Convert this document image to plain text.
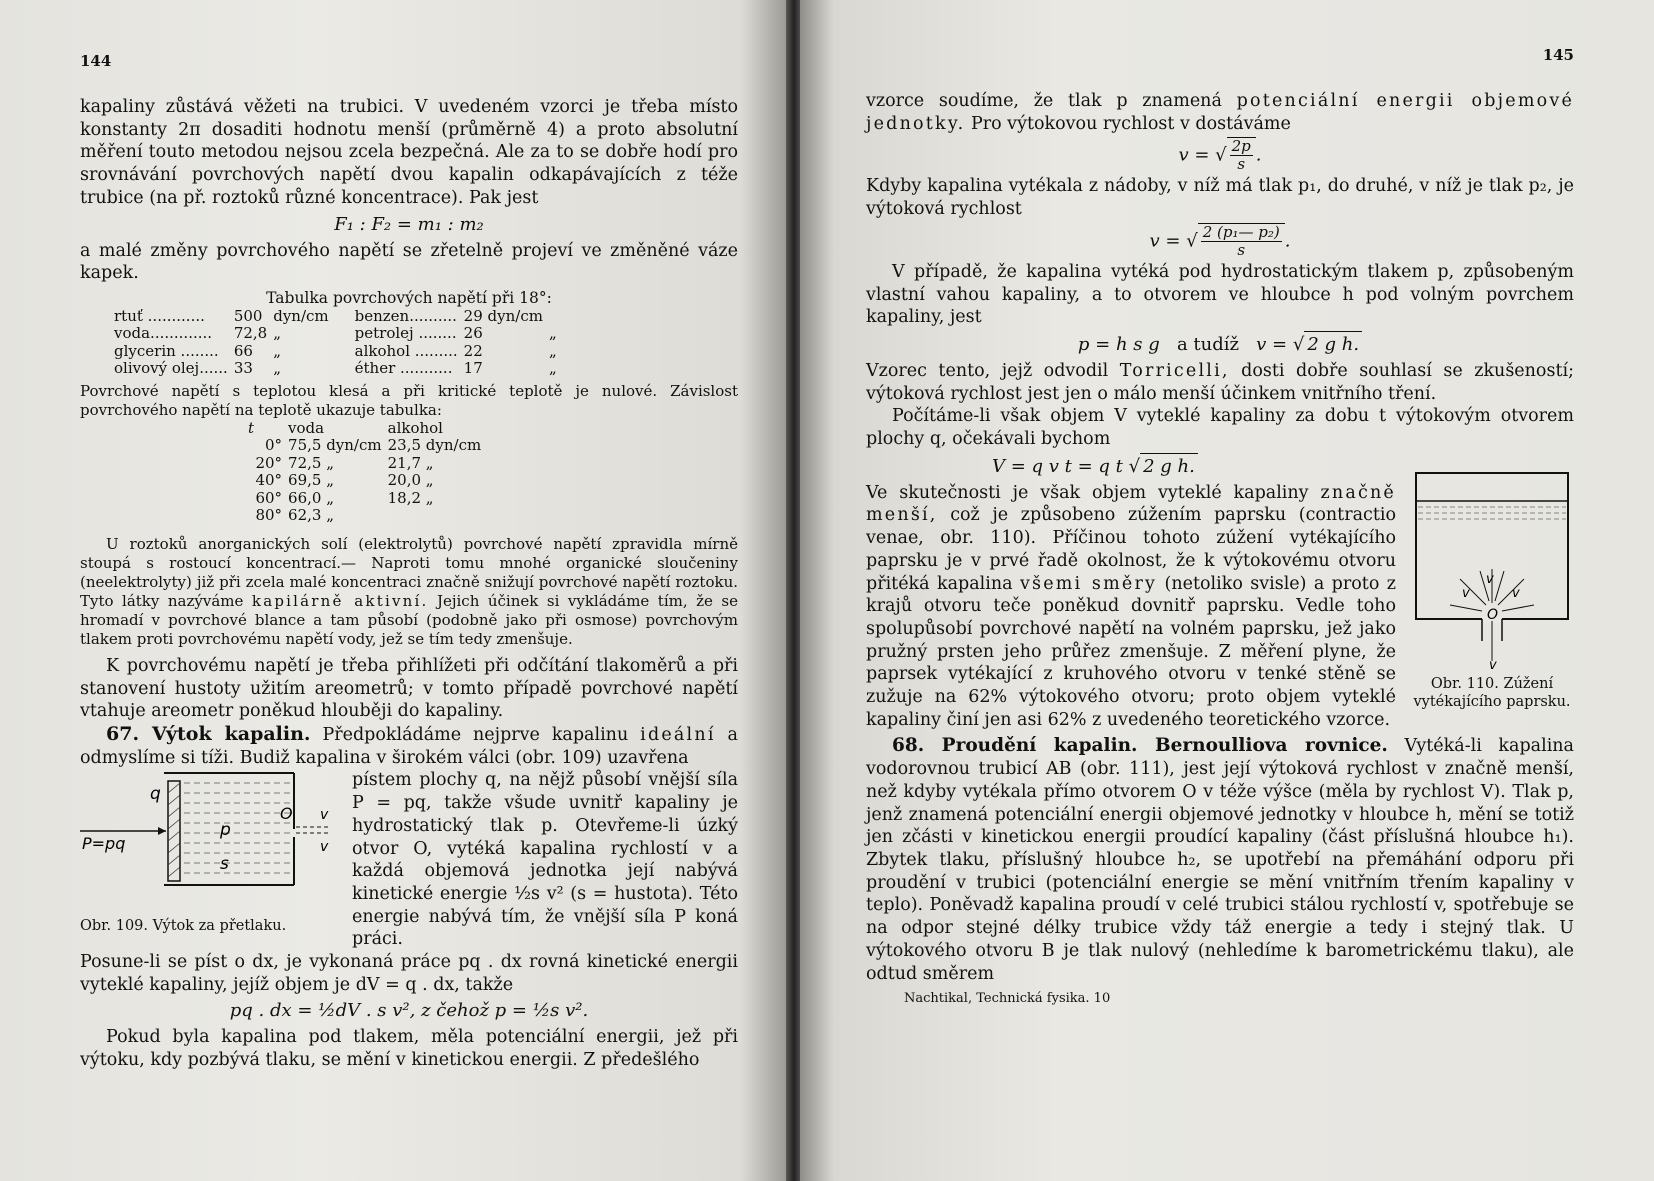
144

kapaliny zůstává věžeti na trubici. V uvedeném vzorci je třeba místo konstanty 2π dosaditi hodnotu menší (průměrně 4) a proto absolutní měření touto metodou nejsou zcela bezpečná. Ale za to se dobře hodí pro srovnávání povrchových napětí dvou kapalin odkapávajících z téže trubice (na př. roztoků různé koncentrace). Pak jest

F₁ : F₂ = m₁ : m₂

a malé změny povrchového napětí se zřetelně projeví ve změněné váze kapek.

Tabulka povrchových napětí při 18°:
rtuť ............	500	dyn/cm	benzen..........	29 dyn/cm	
voda.............	72,8	„	petrolej ........	26	„
glycerin ........	66	„	alkohol .........	22	„
olivový olej......	33	„	éther ...........	17	„

Povrchové napětí s teplotou klesá a při kritické teplotě je nulové. Závislost povrchového napětí na teplotě ukazuje tabulka:

t	voda	alkohol
0°	75,5 dyn/cm	23,5 dyn/cm
20°	72,5 „	21,7 „
40°	69,5 „	20,0 „
60°	66,0 „	18,2 „
80°	62,3 „	

U roztoků anorganických solí (elektrolytů) povrchové napětí zpravidla mírně stoupá s rostoucí koncentrací.— Naproti tomu mnohé organické sloučeniny (neelektrolyty) již při zcela malé koncentraci značně snižují povrchové napětí roztoku. Tyto látky nazýváme kapilárně aktivní. Jejich účinek si vykládáme tím, že se hromadí v povrchové blance a tam působí (podobně jako při osmose) povrchovým tlakem proti povrchovému napětí vody, jež se tím tedy zmenšuje.

K povrchovému napětí je třeba přihlížeti při odčítání tlakoměrů a při stanovení hustoty užitím areometrů; v tomto případě povrchové napětí vtahuje areometr poněkud hlouběji do kapaliny.

67. Výtok kapalin. Předpokládáme nejprve kapalinu ideální a odmyslíme si tíži. Budiž kapalina v širokém válci (obr. 109) uzavřena

q
p
s
O v
v
P=pq
Obr. 109. Výtok za přetlaku.

pístem plochy q, na nějž působí vnější síla P = pq, takže všude uvnitř kapaliny je hydrostatický tlak p. Otevřeme-li úzký otvor O, vytéká kapalina rychlostí v a každá objemová jednotka její nabývá kinetické energie ½s v² (s = hustota). Této energie nabývá tím, že vnější síla P koná práci.

Posune-li se píst o dx, je vykonaná práce pq . dx rovná kinetické energii vyteklé kapaliny, jejíž objem je dV = q . dx, takže

pq . dx = ½dV . s v², z čehož p = ½s v².

Pokud byla kapalina pod tlakem, měla potenciální energii, jež při výtoku, kdy pozbývá tlaku, se mění v kinetickou energii. Z předešlého

145

vzorce soudíme, že tlak p znamená potenciální energii objemové jednotky. Pro výtokovou rychlost v dostáváme

v = √ $\frac{2p}{s}$ .

Kdyby kapalina vytékala z nádoby, v níž má tlak p₁, do druhé, v níž je tlak p₂, je výtoková rychlost

v = √ $\frac{\text{2 (p₁— p₂)}}{s}$ .

V případě, že kapalina vytéká pod hydrostatickým tlakem p, způsobeným vlastní vahou kapaliny, a to otvorem ve hloubce h pod volným povrchem kapaliny, jest

p = h s g a tudíž v = √ 2 g h.

Vzorec tento, jejž odvodil Torricelli, dosti dobře souhlasí se zkušeností; výtoková rychlost jest jen o málo menší účinkem vnitřního tření.

Počítáme-li však objem V vyteklé kapaliny za dobu t výtokovým otvorem plochy q, očekávali bychom

V = q v t = q t √ 2 g h.

Ve skutečnosti je však objem vyteklé kapaliny značně menší, což je způsobeno zúžením paprsku (contractio venae, obr. 110). Příčinou tohoto zúžení vytékajícího paprsku je v prvé řadě okolnost, že k výtokovému otvoru přitéká kapalina všemi směry (netoliko svisle) a proto z krajů otvoru teče poněkud dovnitř paprsku. Vedle toho spolupůsobí povrchové napětí na volném paprsku, jež jako pružný prsten jeho průřez zmenšuje. Z měření plyne, že paprsek vytékající z kruhového otvoru v tenké stěně se zužuje na 62% výtokového otvoru; proto objem vyteklé kapaliny činí jen asi 62% z uvedeného teoretického vzorce.

v	v
v
O
v
Obr. 110. Zúžení vytékajícího paprsku.

68. Proudění kapalin. Bernoulliova rovnice. Vytéká-li kapalina vodorovnou trubicí AB (obr. 111), jest její výtoková rychlost v značně menší, než kdyby vytékala přímo otvorem O v téže výšce (měla by rychlost V). Tlak p, jenž znamená potenciální energii objemové jednotky v hloubce h, mění se totiž jen zčásti v kinetickou energii proudící kapaliny (část příslušná hloubce h₁). Zbytek tlaku, příslušný hloubce h₂, se upotřebí na přemáhání odporu při proudění v trubici (potenciální energie se mění vnitřním třením kapaliny v teplo). Poněvadž kapalina proudí v celé trubici stálou rychlostí v, spotřebuje se na odpor stejné délky trubice vždy táž energie a tedy i stejný tlak. U výtokového otvoru B je tlak nulový (nehledíme k barometrickému tlaku), ale odtud směrem

Nachtikal, Technická fysika. 10
